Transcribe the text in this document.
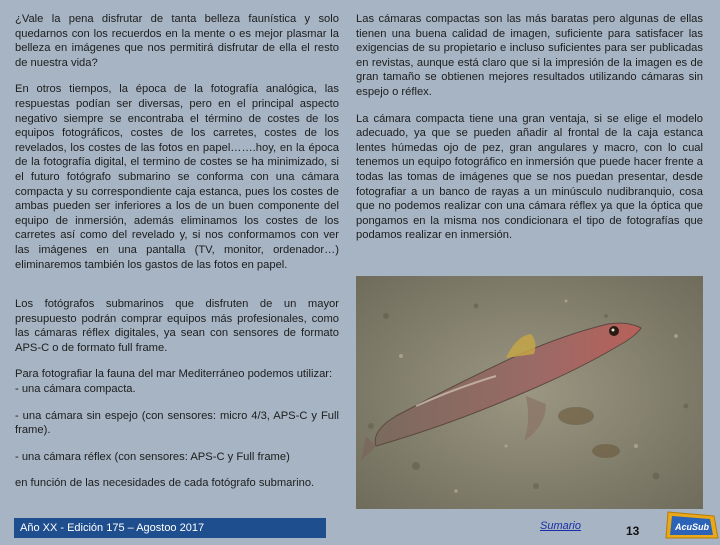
¿Vale la pena disfrutar de tanta belleza faunística y solo quedarnos con los recuerdos en la mente o es mejor plasmar la belleza en imágenes que nos permitirá disfrutar de ella el resto de nuestra vida?

En otros tiempos, la época de la fotografía analógica, las respuestas podían ser diversas, pero en el principal aspecto negativo siempre se encontraba el término de costes de los equipos fotográficos, costes de los carretes, costes de los revelados, los costes de las fotos en papel…….hoy, en la época de la fotografía digital, el termino de costes se ha minimizado, si el futuro fotógrafo submarino se conforma con una cámara compacta y su correspondiente caja estanca, pues los costes de ambas pueden ser inferiores a los de un buen componente del equipo de inmersión, además eliminamos los costes de los carretes así como del revelado y, si nos conformamos con ver las imágenes en una pantalla (TV, monitor, ordenador…) eliminaremos también los gastos de las fotos en papel.

Los fotógrafos submarinos que disfruten de un mayor presupuesto podrán comprar equipos más profesionales, como las cámaras réflex digitales, ya sean con sensores de formato APS-C o de formato full frame.

Para fotografiar la fauna del mar Mediterráneo podemos utilizar:
- una cámara compacta.

- una cámara sin espejo (con sensores: micro 4/3, APS-C y Full frame).

- una cámara réflex (con sensores: APS-C y Full frame)

en función de las necesidades de cada fotógrafo submarino.

Las cámaras compactas son las más baratas pero algunas de ellas tienen una buena calidad de imagen, suficiente para satisfacer las exigencias de su propietario e incluso suficientes para ser publicadas en revistas, aunque está claro que si la impresión de la imagen es de gran tamaño se obtienen mejores resultados utilizando cámaras sin espejo o réflex.

La cámara compacta tiene una gran ventaja, si se elige el modelo adecuado, ya que se pueden añadir al frontal de la caja estanca lentes húmedas ojo de pez, gran angulares y macro, con lo cual tenemos un equipo fotográfico en inmersión que puede hacer frente a todas las tomas de imágenes que se nos puedan presentar, desde fotografiar a un banco de rayas a un minúsculo nudibranquio, cosa que no podemos realizar con una cámara réflex ya que la óptica que pongamos en la misma nos condicionara el tipo de fotografías que podamos realizar en inmersión.

Año XX - Edición 175 – Agostoo 2017	Sumario	13	AcuSub
